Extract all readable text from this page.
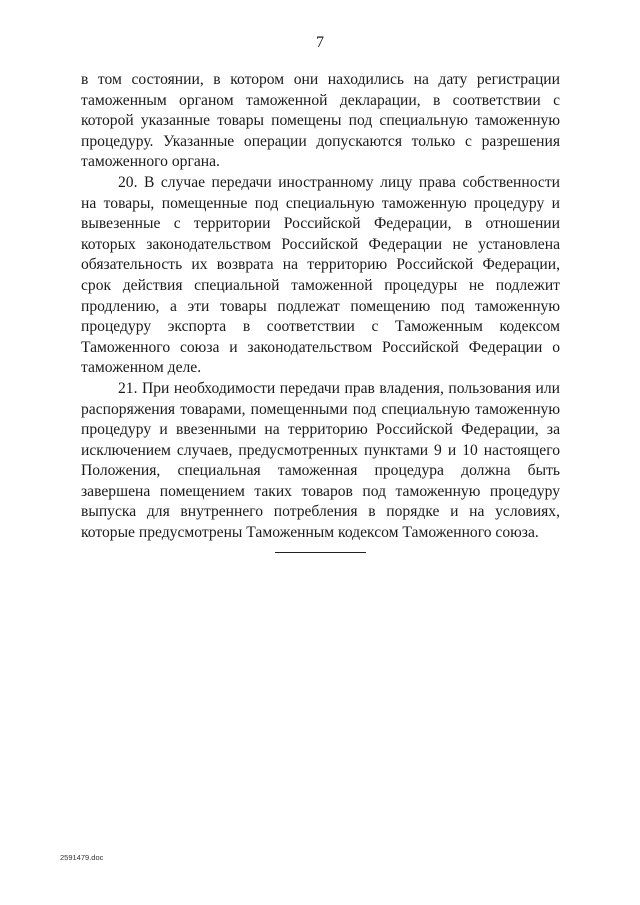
7

в том состоянии, в котором они находились на дату регистрации таможенным органом таможенной декларации, в соответствии с которой указанные товары помещены под специальную таможенную процедуру. Указанные операции допускаются только с разрешения таможенного органа.

20. В случае передачи иностранному лицу права собственности на товары, помещенные под специальную таможенную процедуру и вывезенные с территории Российской Федерации, в отношении которых законодательством Российской Федерации не установлена обязательность их возврата на территорию Российской Федерации, срок действия специальной таможенной процедуры не подлежит продлению, а эти товары подлежат помещению под таможенную процедуру экспорта в соответствии с Таможенным кодексом Таможенного союза и законодательством Российской Федерации о таможенном деле.

21. При необходимости передачи прав владения, пользования или распоряжения товарами, помещенными под специальную таможенную процедуру и ввезенными на территорию Российской Федерации, за исключением случаев, предусмотренных пунктами 9 и 10 настоящего Положения, специальная таможенная процедура должна быть завершена помещением таких товаров под таможенную процедуру выпуска для внутреннего потребления в порядке и на условиях, которые предусмотрены Таможенным кодексом Таможенного союза.

2591479.doc
